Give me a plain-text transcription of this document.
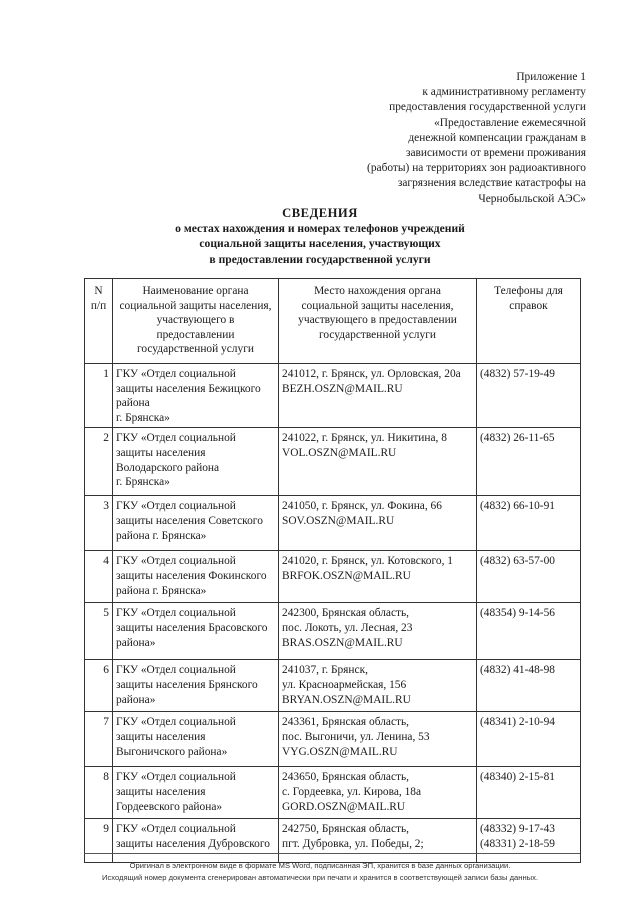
Приложение 1
к административному регламенту
предоставления государственной услуги
«Предоставление ежемесячной
денежной компенсации гражданам в
зависимости от времени проживания
(работы) на территориях зон радиоактивного
загрязнения вследствие катастрофы на
Чернобыльской АЭС»
СВЕДЕНИЯ
о местах нахождения и номерах телефонов учреждений
социальной защиты населения, участвующих
в предоставлении государственной услуги
N
п/п	Наименование органа
социальной защиты населения,
участвующего в
предоставлении
государственной услуги	Место нахождения органа
социальной защиты населения,
участвующего в предоставлении
государственной услуги	Телефоны для
справок

1	ГКУ «Отдел социальной
защиты населения Бежицкого
района
г. Брянска»	241012, г. Брянск, ул. Орловская, 20а
BEZH.OSZN@MAIL.RU	(4832) 57-19-49

2	ГКУ «Отдел социальной
защиты населения
Володарского района
г. Брянска»	241022, г. Брянск, ул. Никитина, 8
VOL.OSZN@MAIL.RU	(4832) 26-11-65

3	ГКУ «Отдел социальной
защиты населения Советского
района г. Брянска»	241050, г. Брянск, ул. Фокина, 66
SOV.OSZN@MAIL.RU	(4832) 66-10-91

4	ГКУ «Отдел социальной
защиты населения Фокинского
района г. Брянска»	241020, г. Брянск, ул. Котовского, 1
BRFOK.OSZN@MAIL.RU	(4832) 63-57-00

5	ГКУ «Отдел социальной
защиты населения Брасовского
района»	242300, Брянская область,
пос. Локоть, ул. Лесная, 23
BRAS.OSZN@MAIL.RU	(48354) 9-14-56

6	ГКУ «Отдел социальной
защиты населения Брянского
района»	241037, г. Брянск,
ул. Красноармейская, 156
BRYAN.OSZN@MAIL.RU	(4832) 41-48-98

7	ГКУ «Отдел социальной
защиты населения
Выгоничского района»	243361, Брянская область,
пос. Выгоничи, ул. Ленина, 53
VYG.OSZN@MAIL.RU	(48341) 2-10-94

8	ГКУ «Отдел социальной
защиты населения
Гордеевского района»	243650, Брянская область,
с. Гордеевка, ул. Кирова, 18а
GORD.OSZN@MAIL.RU	(48340) 2-15-81

9	ГКУ «Отдел социальной
защиты населения Дубровского	242750, Брянская область,
пгт. Дубровка, ул. Победы, 2;	(48332) 9-17-43
(48331) 2-18-59
Оригинал в электронном виде в формате MS Word, подписанная ЭП, хранится в базе данных организации.
Исходящий номер документа сгенерирован автоматически при печати и хранится в соответствующей записи базы данных.
